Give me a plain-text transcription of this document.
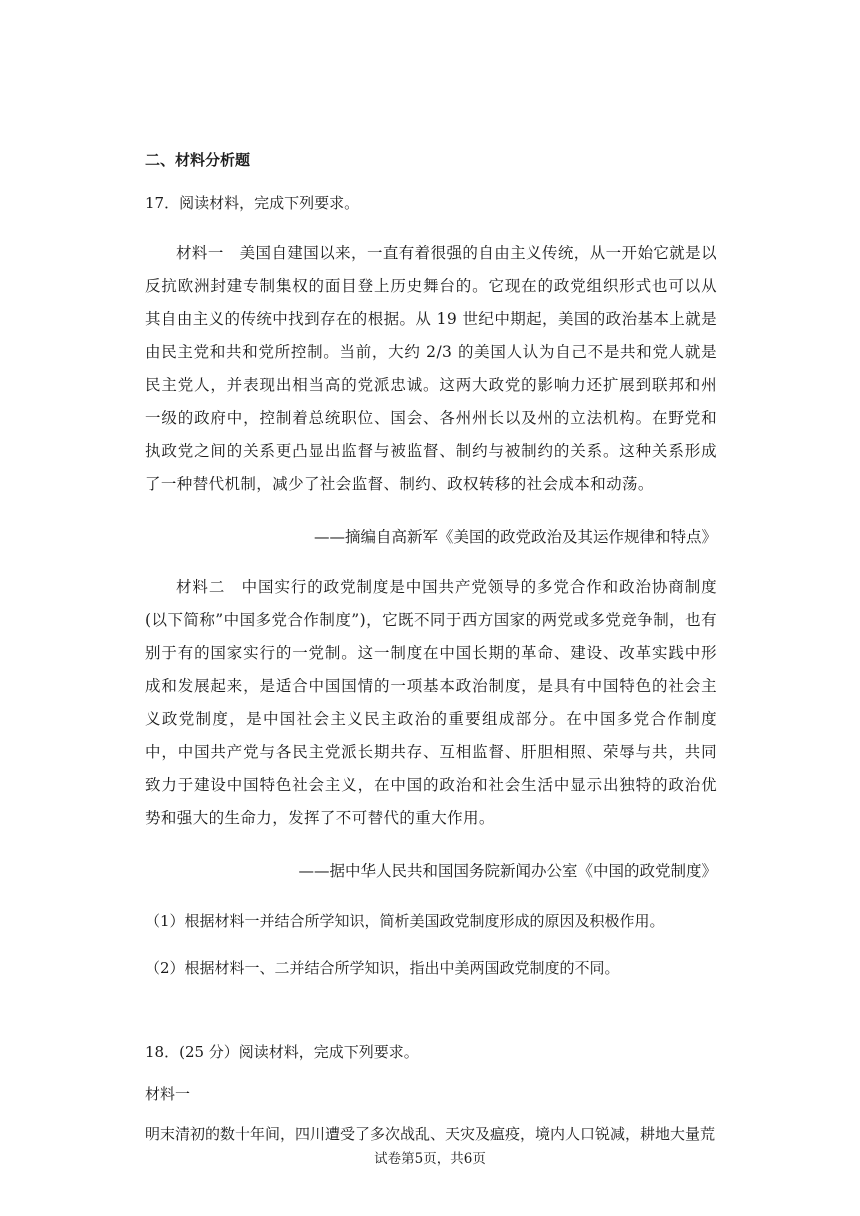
二、材料分析题
17．阅读材料，完成下列要求。
材料一　美国自建国以来，一直有着很强的自由主义传统，从一开始它就是以反抗欧洲封建专制集权的面目登上历史舞台的。它现在的政党组织形式也可以从其自由主义的传统中找到存在的根据。从 19 世纪中期起，美国的政治基本上就是由民主党和共和党所控制。当前，大约 2/3 的美国人认为自己不是共和党人就是民主党人，并表现出相当高的党派忠诚。这两大政党的影响力还扩展到联邦和州一级的政府中，控制着总统职位、国会、各州州长以及州的立法机构。在野党和执政党之间的关系更凸显出监督与被监督、制约与被制约的关系。这种关系形成了一种替代机制，减少了社会监督、制约、政权转移的社会成本和动荡。
——摘编自高新军《美国的政党政治及其运作规律和特点》
材料二　中国实行的政党制度是中国共产党领导的多党合作和政治协商制度(以下简称”中国多党合作制度”)，它既不同于西方国家的两党或多党竞争制，也有别于有的国家实行的一党制。这一制度在中国长期的革命、建设、改革实践中形成和发展起来，是适合中国国情的一项基本政治制度，是具有中国特色的社会主义政党制度，是中国社会主义民主政治的重要组成部分。在中国多党合作制度中，中国共产党与各民主党派长期共存、互相监督、肝胆相照、荣辱与共，共同致力于建设中国特色社会主义，在中国的政治和社会生活中显示出独特的政治优势和强大的生命力，发挥了不可替代的重大作用。
——据中华人民共和国国务院新闻办公室《中国的政党制度》
（1）根据材料一并结合所学知识，简析美国政党制度形成的原因及积极作用。
（2）根据材料一、二并结合所学知识，指出中美两国政党制度的不同。
18．(25 分）阅读材料，完成下列要求。
材料一
明末清初的数十年间，四川遭受了多次战乱、天灾及瘟疫，境内人口锐减，耕地大量荒
试卷第5页，共6页
